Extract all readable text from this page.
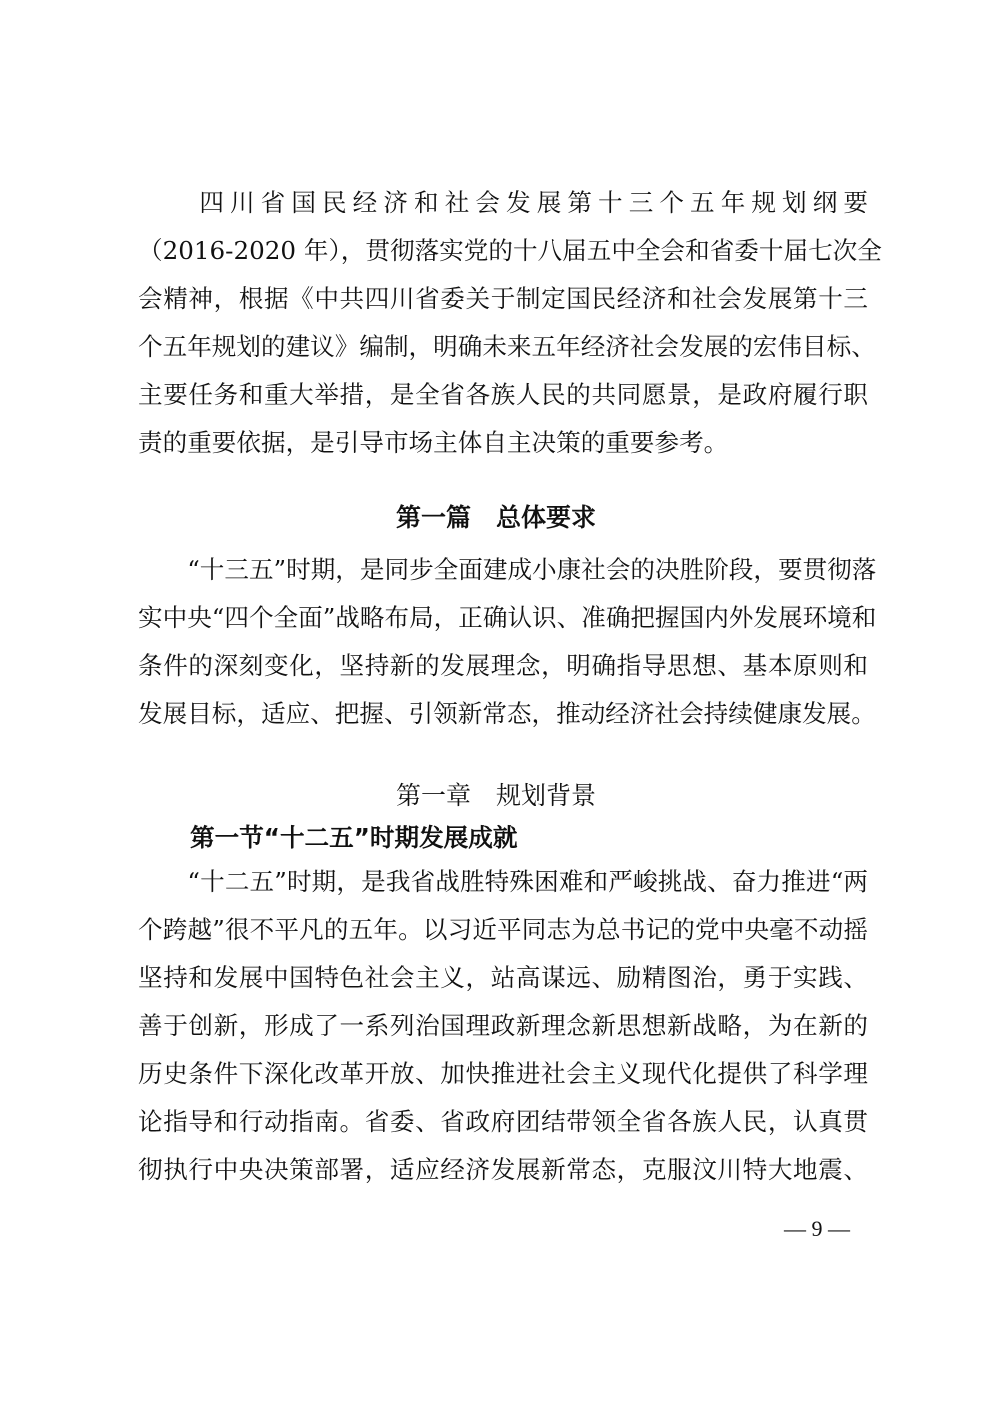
　　四川省国民经济和社会发展第十三个五年规划纲要
（2016-2020 年），贯彻落实党的十八届五中全会和省委十届七次全
会精神，根据《中共四川省委关于制定国民经济和社会发展第十三
个五年规划的建议》编制，明确未来五年经济社会发展的宏伟目标、
主要任务和重大举措，是全省各族人民的共同愿景，是政府履行职
责的重要依据，是引导市场主体自主决策的重要参考。
第一篇　总体要求
　　“十三五”时期，是同步全面建成小康社会的决胜阶段，要贯彻落
实中央“四个全面”战略布局，正确认识、准确把握国内外发展环境和
条件的深刻变化，坚持新的发展理念，明确指导思想、基本原则和
发展目标，适应、把握、引领新常态，推动经济社会持续健康发展。
第一章　规划背景
第一节“十二五”时期发展成就
　　“十二五”时期，是我省战胜特殊困难和严峻挑战、奋力推进“两
个跨越”很不平凡的五年。以习近平同志为总书记的党中央毫不动摇
坚持和发展中国特色社会主义，站高谋远、励精图治，勇于实践、
善于创新，形成了一系列治国理政新理念新思想新战略，为在新的
历史条件下深化改革开放、加快推进社会主义现代化提供了科学理
论指导和行动指南。省委、省政府团结带领全省各族人民，认真贯
彻执行中央决策部署，适应经济发展新常态，克服汶川特大地震、
— 9 —
